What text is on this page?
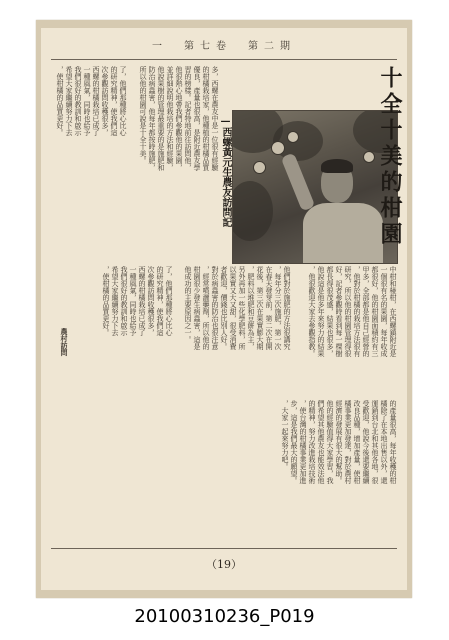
一　第七卷　第二期
了，他們那種將心比心
的研究精神，使我們這
次參觀訪問收穫很多，
西螺的柑橘栽培已成了
一種風氣，同時也給予
我們很好的教訓和啟示
希望大家繼續努力下去
，使柑橘的品質更好。	多，西螺在農友中是一位很有經驗
的柑橘栽培家，他種植的柑橘品質
優良，產量也很高，是附近農友學
習的榜樣。記者特地前往訪問他，
他很熱心地帶我們參觀他的果園，
並詳細說明他栽培的方法和經驗，
他說果樹的管理最重要的是施肥和
防治病蟲害，他每年都按時施肥，
所以他的柑園可說是十全十美。
—西螺黃元生農友訪問記	十全十美的柑園
中柑和椪柑，在西螺鎮附近是
一個很有名的果園，每年收成
都很好，他的柑園面積約有三
甲多，全部都是他自己經營的
，他對於柑橘的栽培方法很有
研究，所以他的柑園管理得很
好，記者參觀時看到每一棵樹
都長得很茂盛，結果也很多，
他說這是他多年來努力的結果
，他很歡迎大家去參觀指教。
他們對於施肥的方法很講究
，每年分三次施肥，第一次
在春天發芽前，第二次在開
花後，第三次在果實膨大期
，肥料以堆肥和豆餅為主，
另外再加一些化學肥料，所
以果實又大又甜，很受消費
者歡迎，價錢也比別人好。
對於病蟲害的防治也很注意
，經常噴灑藥劑，所以他的
柑園很少發生病蟲害，這是
他成功的主要原因之一。
了，他們那種將心比心
的研究精神，使我們這
次參觀訪問收穫很多，
西螺的柑橘栽培已成了
一種風氣，同時也給予
我們很好的教訓和啟示
希望大家繼續努力下去
，使柑橘的品質更好。
農村訪問
的產量很高，每年收穫的柑
橘除了在本地出售以外，還
運銷到台北和其他各地，很
受歡迎，他說今後還要繼續
改良品種，增加產量，使柑
橘事業更加發達，對於農村
經濟的發展有很大的幫助。
他的經驗值得大家學習，我
們希望其他農友也能效法他
的精神，努力改進栽培技術
，使台灣的柑橘事業更加進
步，這是我們最大的願望。
，大家一起來努力吧。
（19）
20100310236_P019
